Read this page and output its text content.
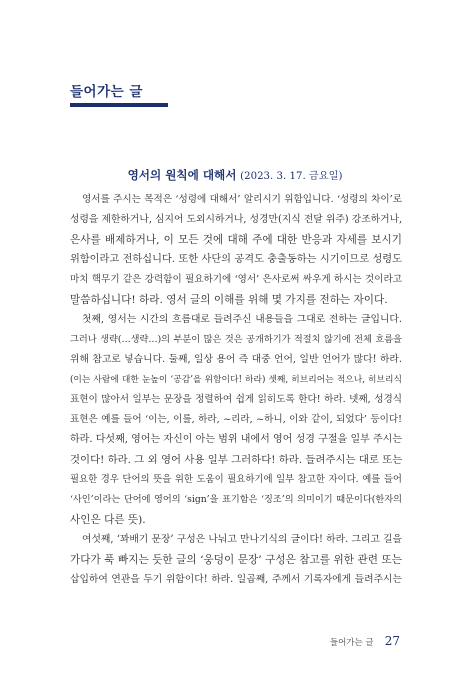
들어가는 글
영서의 원칙에 대해서 (2023. 3. 17. 금요일)
영서를 주시는 목적은 ‘성령에 대해서’ 알리시기 위함입니다. ‘성령의 차이’로
성령을 제한하거나, 심지어 도외시하거나, 성경만(지식 전달 위주) 강조하거나,
은사를 배제하거나, 이 모든 것에 대해 주에 대한 반응과 자세를 보시기
위함이라고 전하십니다. 또한 사단의 공격도 충출동하는 시기이므로 성령도
마치 핵무기 같은 강력함이 필요하기에 ‘영서’ 은사로써 싸우게 하시는 것이라고
말씀하십니다! 하라. 영서 글의 이해를 위해 몇 가지를 전하는 자이다.
첫째, 영서는 시간의 흐름대로 들려주신 내용들을 그대로 전하는 글입니다.
그러나 생략(…생략…)의 부분이 많은 것은 공개하기가 적절치 않기에 전체 흐름을
위해 참고로 넣습니다. 둘째, 일상 용어 즉 대중 언어, 일반 언어가 많다! 하라.
(이는 사람에 대한 눈높이 ‘공감’을 위함이다! 하라) 셋째, 히브리어는 적으나, 히브리식
표현이 많아서 일부는 문장을 정렬하여 쉽게 읽히도록 한다! 하라. 넷째, 성경식
표현은 예를 들어 ‘이는, 이를, 하라, ~리라, ~하니, 이와 같이, 되었다’ 등이다!
하라. 다섯째, 영어는 자신이 아는 범위 내에서 영어 성경 구절을 일부 주시는
것이다! 하라. 그 외 영어 사용 일부 그러하다! 하라. 들려주시는 대로 또는
필요한 경우 단어의 뜻을 위한 도움이 필요하기에 일부 참고한 자이다. 예를 들어
‘사인’이라는 단어에 영어의 ‘sign’을 표기함은 ‘징조’의 의미이기 때문이다(한자의
사인은 다른 뜻).
여섯째, ‘꽈배기 문장’ 구성은 나눠고 만나기식의 글이다! 하라. 그리고 길을
가다가 푹 빠지는 듯한 글의 ‘웅덩이 문장’ 구성은 참고를 위한 관련 또는
삽입하여 연관을 두기 위함이다! 하라. 일곱째, 주께서 기록자에게 들려주시는
들어가는 글 27
